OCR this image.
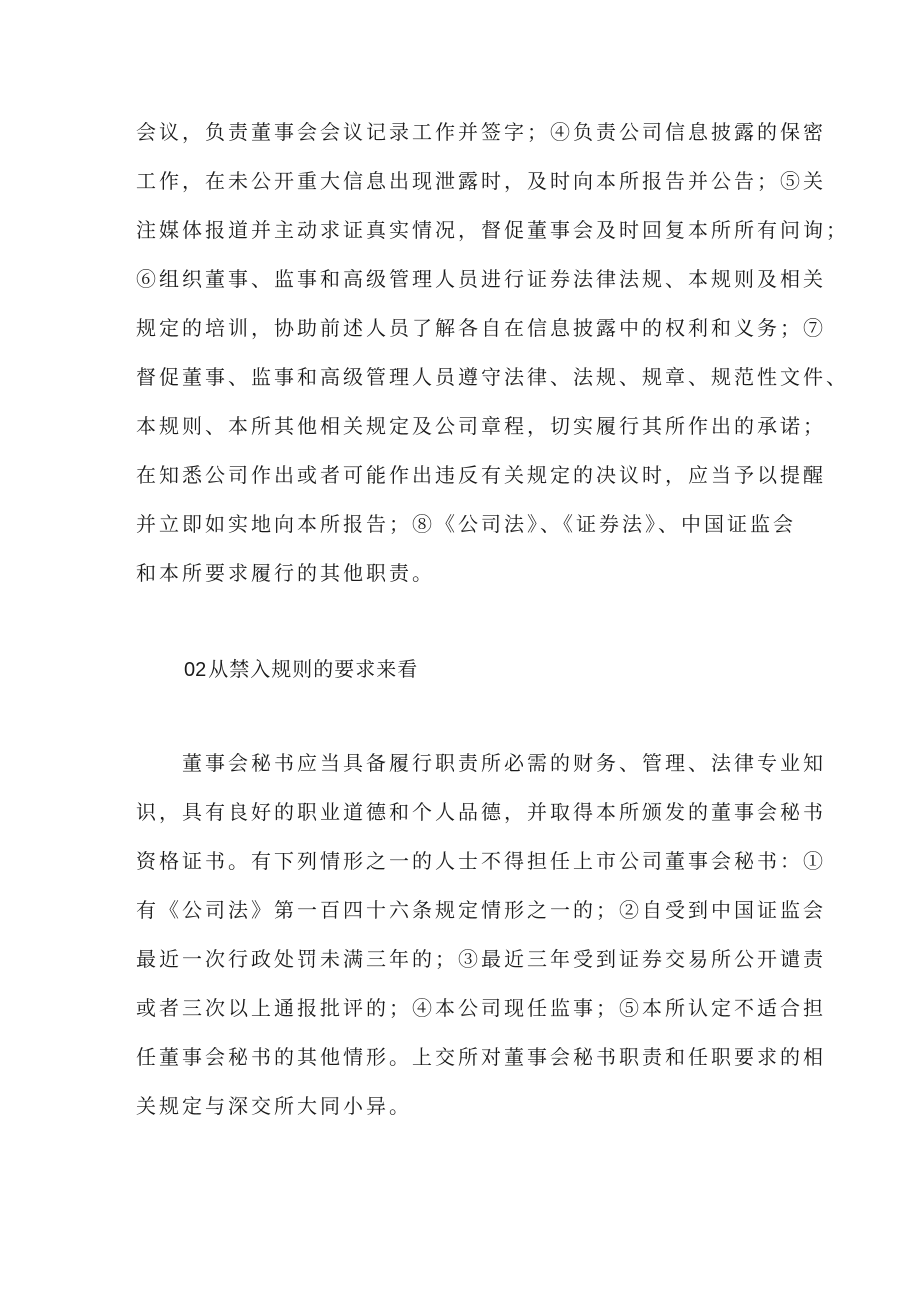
会议，负责董事会会议记录工作并签字；④负责公司信息披露的保密
工作，在未公开重大信息出现泄露时，及时向本所报告并公告；⑤关
注媒体报道并主动求证真实情况，督促董事会及时回复本所所有问询；
⑥组织董事、监事和高级管理人员进行证券法律法规、本规则及相关
规定的培训，协助前述人员了解各自在信息披露中的权利和义务；⑦
督促董事、监事和高级管理人员遵守法律、法规、规章、规范性文件、
本规则、本所其他相关规定及公司章程，切实履行其所作出的承诺；
在知悉公司作出或者可能作出违反有关规定的决议时，应当予以提醒
并立即如实地向本所报告；⑧《公司法》、《证券法》、中国证监会
和本所要求履行的其他职责。
02 从禁入规则的要求来看
　　董事会秘书应当具备履行职责所必需的财务、管理、法律专业知
识，具有良好的职业道德和个人品德，并取得本所颁发的董事会秘书
资格证书。有下列情形之一的人士不得担任上市公司董事会秘书：①
有《公司法》第一百四十六条规定情形之一的；②自受到中国证监会
最近一次行政处罚未满三年的；③最近三年受到证券交易所公开谴责
或者三次以上通报批评的；④本公司现任监事；⑤本所认定不适合担
任董事会秘书的其他情形。上交所对董事会秘书职责和任职要求的相
关规定与深交所大同小异。
